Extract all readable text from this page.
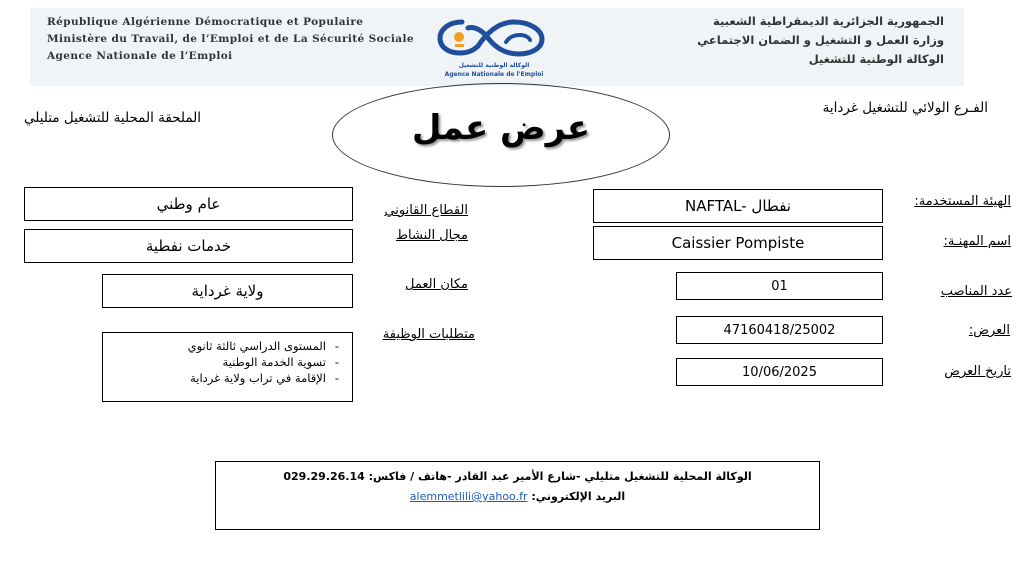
République Algérienne Démocratique et Populaire
Ministère du Travail, de l’Emploi et de La Sécurité Sociale
Agence Nationale de l’Emploi
الجمهورية الجزائرية الديمقراطية الشعبية
وزارة العمل و التشغيل و الضمان الاجتماعي
الوكالة الوطنية للتشغيل
الوكالة الوطنية للتشغيل
Agence Nationale de l'Emploi
الفـرع الولائي للتشغيل غرداية
الملحقة المحلية للتشغيل متليلي	عرض عمل
الهيئة المستخدمة:
NAFTAL- نفطال
اسم المهنـة:
Caissier Pompiste
عدد المناصب
01
العرض:
47160418/25002
تاريخ العرض
10/06/2025
القطاع القانوني
عام وطني
مجال النشاط
خدمات نفطية
مكان العمل
ولاية غرداية
متطلبات الوظيفة
- المستوى الدراسي ثالثة ثانوي
- تسوية الخدمة الوطنية
- الإقامة في تراب ولاية غرداية
الوكالة المحلية للتشغيل متليلي -شارع الأمير عبد القادر -هاتف / فاكس: 029.29.26.14
البريد الإلكتروني: alemmetlili@yahoo.fr
